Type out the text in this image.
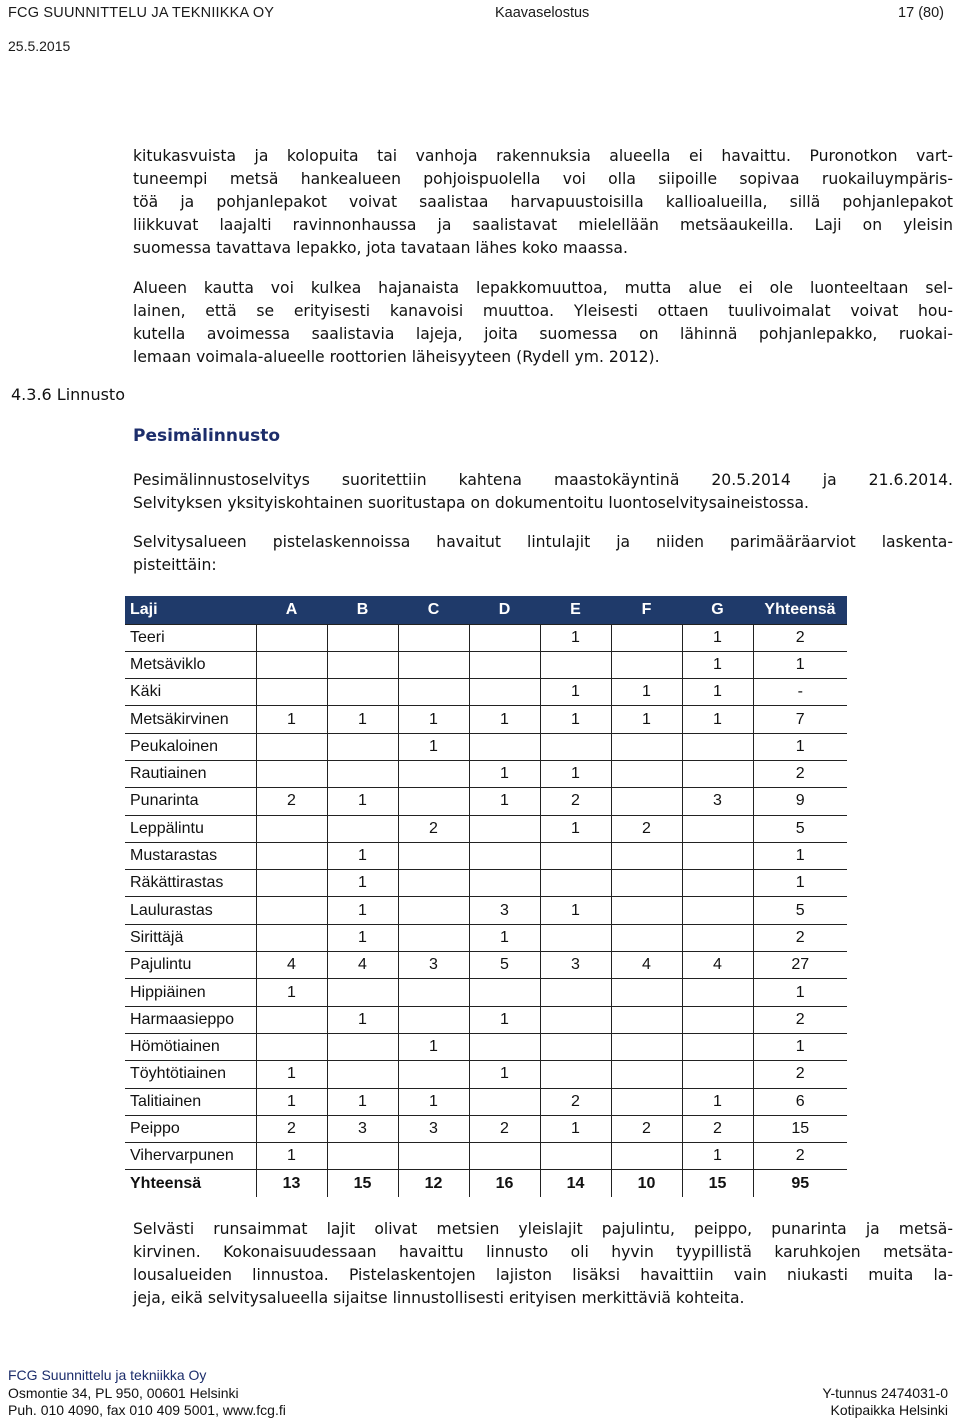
FCG SUUNNITTELU JA TEKNIIKKA OY	Kaavaselostus	17 (80)
25.5.2015
kitukasvuista ja kolopuita tai vanhoja rakennuksia alueella ei havaittu. Puronotkon vart-
tuneempi metsä hankealueen pohjoispuolella voi olla siipoille sopivaa ruokailuympäris-
töä ja pohjanlepakot voivat saalistaa harvapuustoisilla kallioalueilla, sillä pohjanlepakot
liikkuvat laajalti ravinnonhaussa ja saalistavat mielellään metsäaukeilla. Laji on yleisin
suomessa tavattava lepakko, jota tavataan lähes koko maassa.
Alueen kautta voi kulkea hajanaista lepakkomuuttoa, mutta alue ei ole luonteeltaan sel-
lainen, että se erityisesti kanavoisi muuttoa. Yleisesti ottaen tuulivoimalat voivat hou-
kutella avoimessa saalistavia lajeja, joita suomessa on lähinnä pohjanlepakko, ruokai-
lemaan voimala-alueelle roottorien läheisyyteen (Rydell ym. 2012).
4.3.6 Linnusto
Pesimälinnusto
Pesimälinnustoselvitys suoritettiin kahtena maastokäyntinä 20.5.2014 ja 21.6.2014.
Selvityksen yksityiskohtainen suoritustapa on dokumentoitu luontoselvitysaineistossa.
Selvitysalueen pistelaskennoissa havaitut lintulajit ja niiden parimääräarviot laskenta-
pisteittäin:
Laji	A	B	C	D	E	F	G	Yhteensä
Teeri					1		1	2
Metsäviklo							1	1
Käki					1	1	1	-
Metsäkirvinen	1	1	1	1	1	1	1	7
Peukaloinen			1					1
Rautiainen				1	1			2
Punarinta	2	1		1	2		3	9
Leppälintu			2		1	2		5
Mustarastas		1						1
Räkättirastas		1						1
Laulurastas		1		3	1			5
Sirittäjä		1		1				2
Pajulintu	4	4	3	5	3	4	4	27
Hippiäinen	1							1
Harmaasieppo		1		1				2
Hömötiainen			1					1
Töyhtötiainen	1			1				2
Talitiainen	1	1	1		2		1	6
Peippo	2	3	3	2	1	2	2	15
Vihervarpunen	1						1	2
Yhteensä	13	15	12	16	14	10	15	95
Selvästi runsaimmat lajit olivat metsien yleislajit pajulintu, peippo, punarinta ja metsä-
kirvinen. Kokonaisuudessaan havaittu linnusto oli hyvin tyypillistä karuhkojen metsäta-
lousalueiden linnustoa. Pistelaskentojen lajiston lisäksi havaittiin vain niukasti muita la-
jeja, eikä selvitysalueella sijaitse linnustollisesti erityisen merkittäviä kohteita.
FCG Suunnittelu ja tekniikka Oy
Osmontie 34, PL 950, 00601 Helsinki	Y-tunnus 2474031-0
Puh. 010 4090, fax 010 409 5001, www.fcg.fi	Kotipaikka Helsinki
